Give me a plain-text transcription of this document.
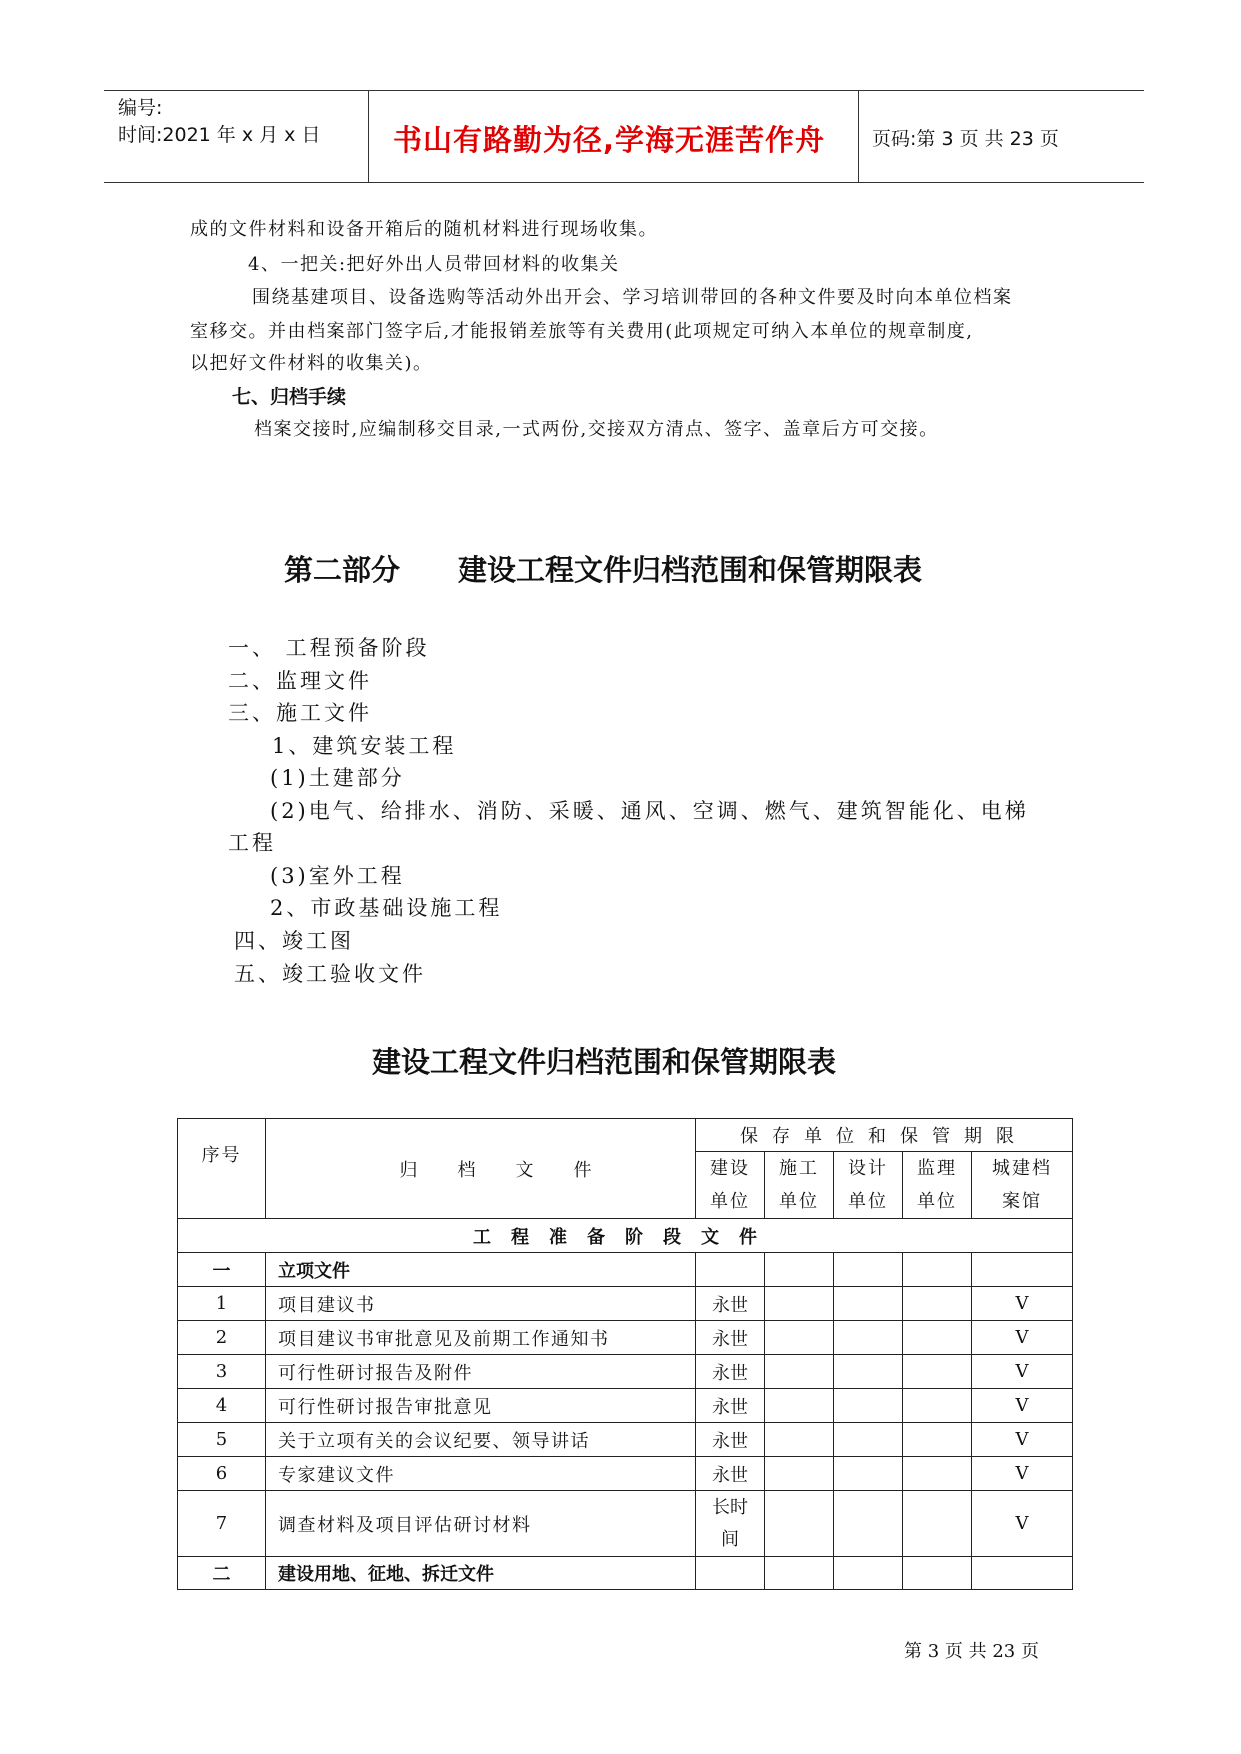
编号:
时间:2021 年 x 月 x 日	书山有路勤为径,学海无涯苦作舟 页码:第 3 页 共 23 页
成的文件材料和设备开箱后的随机材料进行现场收集。
4、一把关:把好外出人员带回材料的收集关
围绕基建项目、设备选购等活动外出开会、学习培训带回的各种文件要及时向本单位档案
室移交。并由档案部门签字后,才能报销差旅等有关费用(此项规定可纳入本单位的规章制度,
以把好文件材料的收集关)。
七、归档手续
档案交接时,应编制移交目录,一式两份,交接双方清点、签字、盖章后方可交接。
第二部分 建设工程文件归档范围和保管期限表
一、 工程预备阶段
二、监理文件
三、施工文件
1、建筑安装工程
(1)土建部分
(2)电气、给排水、消防、采暖、通风、空调、燃气、建筑智能化、电梯
工程
(3)室外工程
2、市政基础设施工程
四、竣工图
五、竣工验收文件
建设工程文件归档范围和保管期限表
序号	归档文件	保存单位和保管期限				
		建设	施工	设计	监理	城建档
		单位	单位	单位	单位	案馆
工程准备阶段文件						
一	立项文件					
1	项目建议书	永世				V
2	项目建议书审批意见及前期工作通知书	永世				V
3	可行性研讨报告及附件	永世				V
4	可行性研讨报告审批意见	永世				V
5	关于立项有关的会议纪要、领导讲话	永世				V
6	专家建议文件	永世				V
7	调查材料及项目评估研讨材料	长时
间				V
二	建设用地、征地、拆迁文件					
第 3 页 共 23 页
